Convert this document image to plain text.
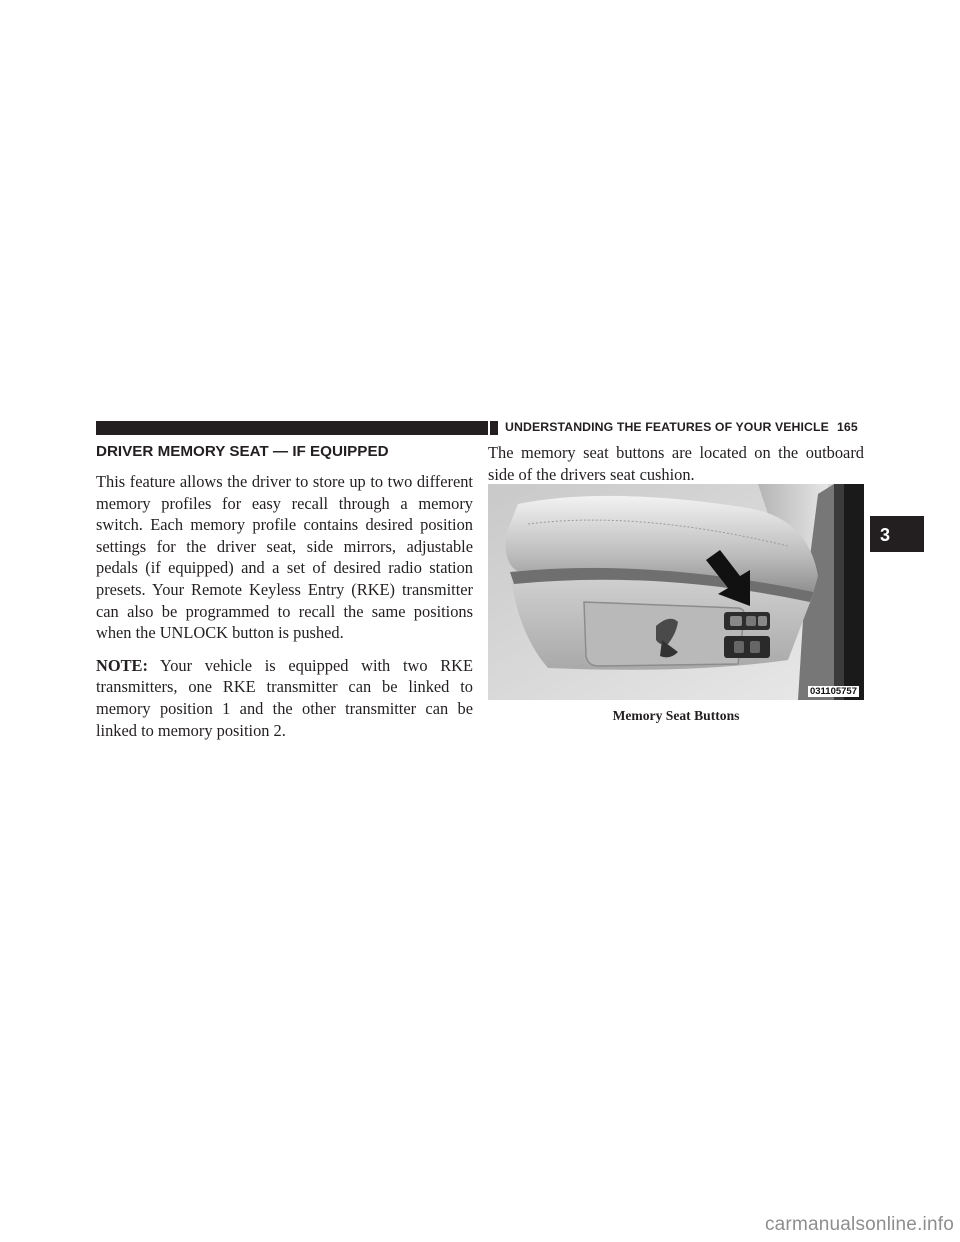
UNDERSTANDING THE FEATURES OF YOUR VEHICLE 165
DRIVER MEMORY SEAT — IF EQUIPPED

This feature allows the driver to store up to two different memory profiles for easy recall through a memory switch. Each memory profile contains desired position settings for the driver seat, side mirrors, adjustable pedals (if equipped) and a set of desired radio station presets. Your Remote Keyless Entry (RKE) transmitter can also be programmed to recall the same positions when the UNLOCK button is pushed.

NOTE: Your vehicle is equipped with two RKE transmitters, one RKE transmitter can be linked to memory position 1 and the other transmitter can be linked to memory position 2.

The memory seat buttons are located on the outboard side of the drivers seat cushion.

031105757
Memory Seat Buttons
3
carmanualsonline.info
